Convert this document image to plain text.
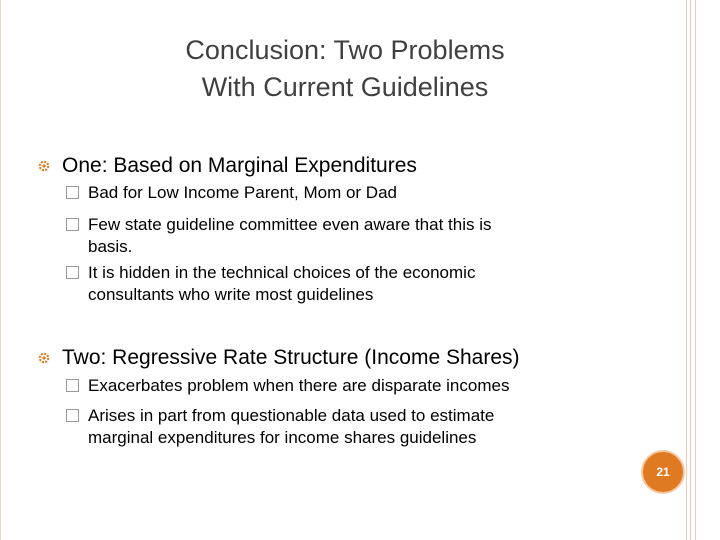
Conclusion: Two Problems
With Current Guidelines
One: Based on Marginal Expenditures
Bad for Low Income Parent, Mom or Dad
Few state guideline committee even aware that this is
basis.
It is hidden in the technical choices of the economic
consultants who write most guidelines
Two: Regressive Rate Structure (Income Shares)
Exacerbates problem when there are disparate incomes
Arises in part from questionable data used to estimate
marginal expenditures for income shares guidelines
21
